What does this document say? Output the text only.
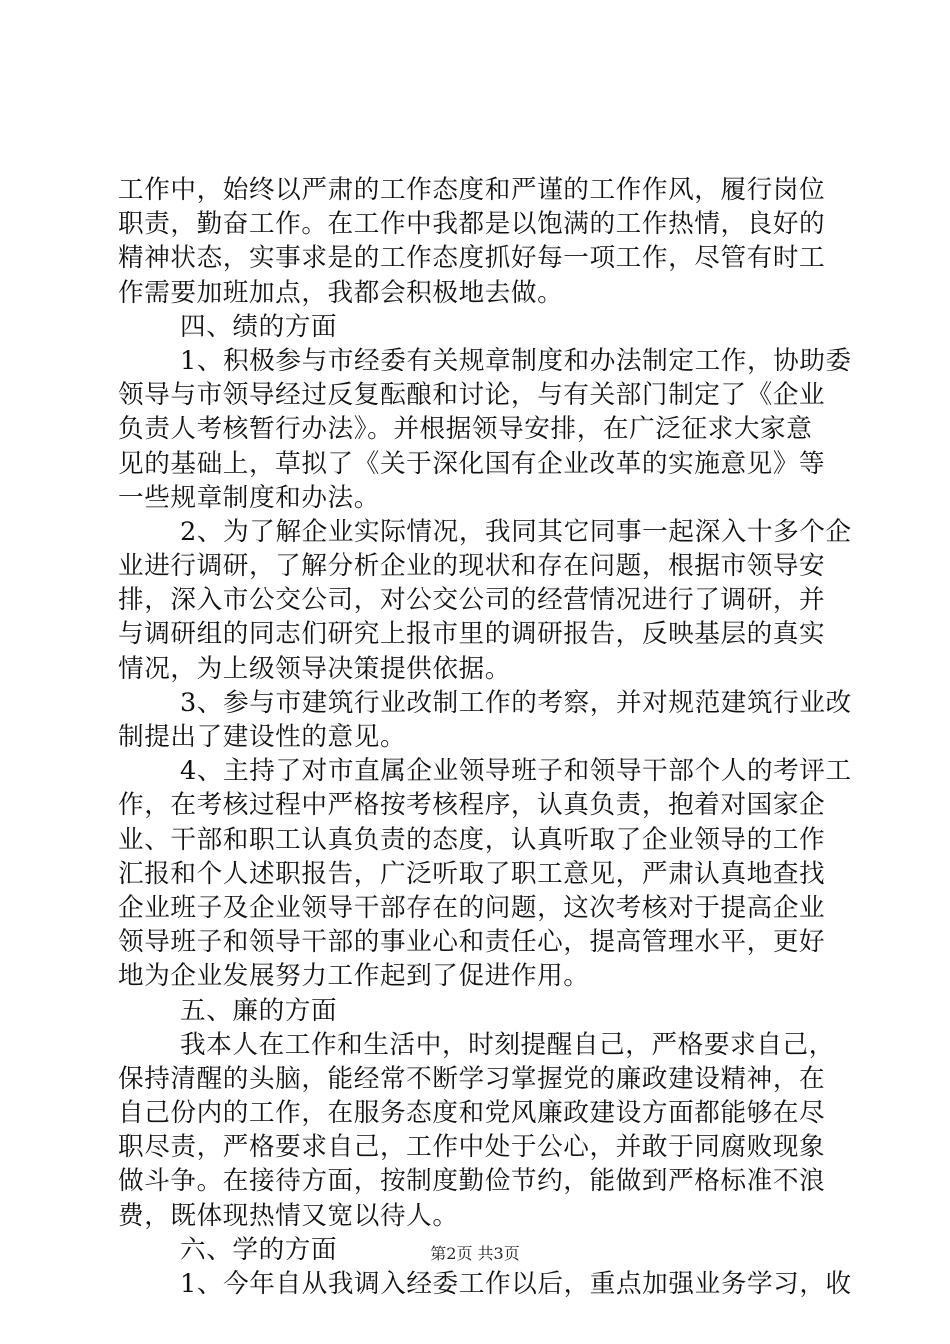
工作中，始终以严肃的工作态度和严谨的工作作风，履行岗位
职责，勤奋工作。在工作中我都是以饱满的工作热情，良好的
精神状态，实事求是的工作态度抓好每一项工作，尽管有时工
作需要加班加点，我都会积极地去做。
四、绩的方面
1、积极参与市经委有关规章制度和办法制定工作，协助委
领导与市领导经过反复酝酿和讨论，与有关部门制定了《企业
负责人考核暂行办法》。并根据领导安排，在广泛征求大家意
见的基础上，草拟了《关于深化国有企业改革的实施意见》等
一些规章制度和办法。
2、为了解企业实际情况，我同其它同事一起深入十多个企
业进行调研，了解分析企业的现状和存在问题，根据市领导安
排，深入市公交公司，对公交公司的经营情况进行了调研，并
与调研组的同志们研究上报市里的调研报告，反映基层的真实
情况，为上级领导决策提供依据。
3、参与市建筑行业改制工作的考察，并对规范建筑行业改
制提出了建设性的意见。
4、主持了对市直属企业领导班子和领导干部个人的考评工
作，在考核过程中严格按考核程序，认真负责，抱着对国家企
业、干部和职工认真负责的态度，认真听取了企业领导的工作
汇报和个人述职报告，广泛听取了职工意见，严肃认真地查找
企业班子及企业领导干部存在的问题，这次考核对于提高企业
领导班子和领导干部的事业心和责任心，提高管理水平，更好
地为企业发展努力工作起到了促进作用。
五、廉的方面
我本人在工作和生活中，时刻提醒自己，严格要求自己，
保持清醒的头脑，能经常不断学习掌握党的廉政建设精神，在
自己份内的工作，在服务态度和党风廉政建设方面都能够在尽
职尽责，严格要求自己，工作中处于公心，并敢于同腐败现象
做斗争。在接待方面，按制度勤俭节约，能做到严格标准不浪
费，既体现热情又宽以待人。
六、学的方面
1、今年自从我调入经委工作以后，重点加强业务学习，收
第2页 共3页
